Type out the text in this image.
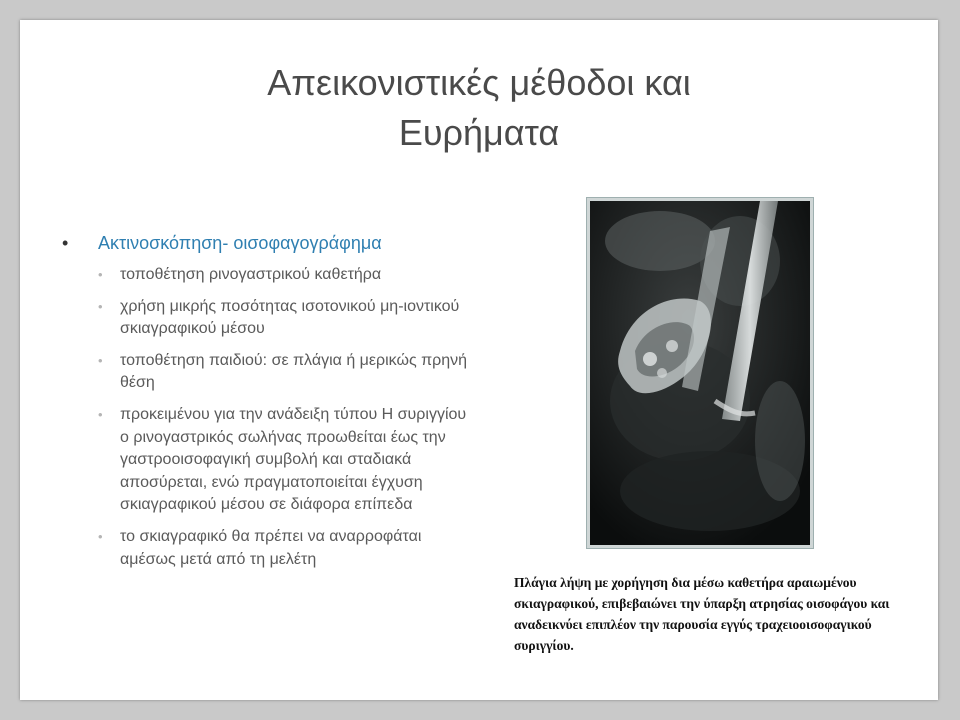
Απεικονιστικές μέθοδοι και
Ευρήματα
• Ακτινοσκόπηση- οισοφαγογράφημα
• τοποθέτηση ρινογαστρικού καθετήρα
• χρήση μικρής ποσότητας ισοτονικού μη-ιοντικού σκιαγραφικού μέσου
• τοποθέτηση παιδιού: σε πλάγια ή μερικώς πρηνή θέση
• προκειμένου για την ανάδειξη τύπου Η συριγγίου ο ρινογαστρικός σωλήνας προωθείται έως την γαστροοισοφαγική συμβολή και σταδιακά αποσύρεται, ενώ πραγματοποιείται έγχυση σκιαγραφικού μέσου σε διάφορα επίπεδα
• το σκιαγραφικό θα πρέπει να αναρροφάται αμέσως μετά από τη μελέτη

Πλάγια λήψη με χορήγηση δια μέσω καθετήρα αραιωμένου σκιαγραφικού, επιβεβαιώνει την ύπαρξη ατρησίας οισοφάγου και αναδεικνύει επιπλέον την παρουσία εγγύς τραχειοοισοφαγικού συριγγίου.
